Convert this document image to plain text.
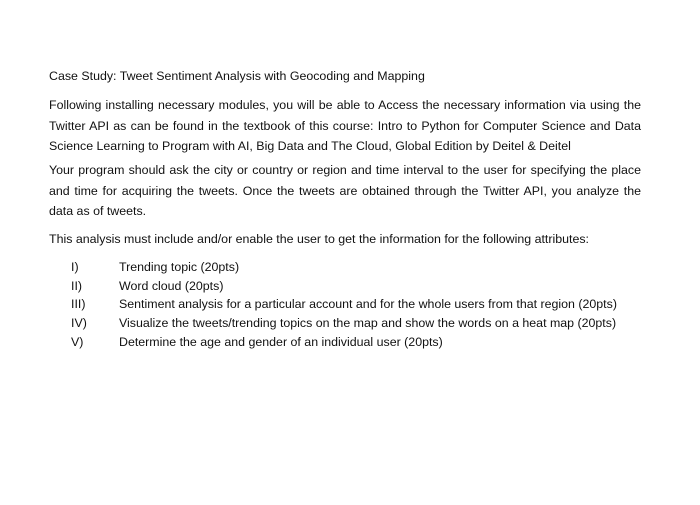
Case Study: Tweet Sentiment Analysis with Geocoding and Mapping

Following installing necessary modules, you will be able to Access the necessary information via using the Twitter API as can be found in the textbook of this course: Intro to Python for Computer Science and Data Science Learning to Program with AI, Big Data and The Cloud, Global Edition by Deitel & Deitel

Your program should ask the city or country or region and time interval to the user for specifying the place and time for acquiring the tweets. Once the tweets are obtained through the Twitter API, you analyze the data as of tweets.

This analysis must include and/or enable the user to get the information for the following attributes:

I)	Trending topic (20pts)
II)	Word cloud (20pts)
III)	Sentiment analysis for a particular account and for the whole users from that region (20pts)
IV)	Visualize the tweets/trending topics on the map and show the words on a heat map (20pts)
V)	Determine the age and gender of an individual user (20pts)
